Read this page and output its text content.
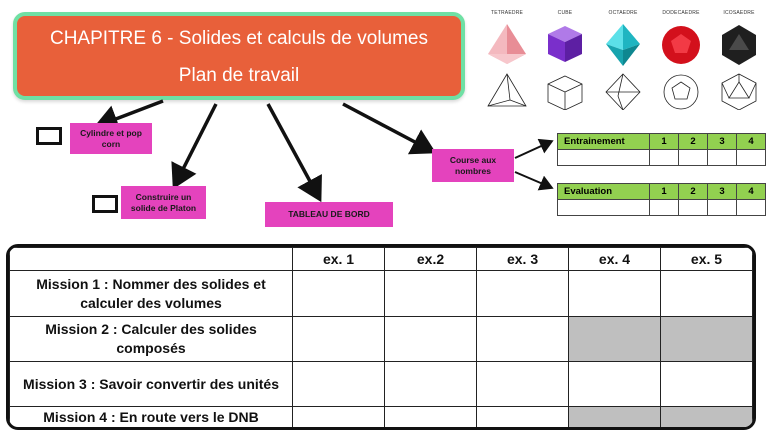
CHAPITRE 6 - Solides et calculs de volumes
Plan de travail
TETRAEDRE	CUBE	OCTAEDRE	DODECAEDRE	ICOSAEDRE
Cylindre et pop corn
Construire un solide de Platon
TABLEAU DE BORD
Course aux nombres
Entrainement	1	2	3	4

Evaluation	1	2	3	4

	ex. 1	ex.2	ex. 3	ex. 4	ex. 5
Mission 1 : Nommer des solides et calculer des volumes					
Mission 2 : Calculer des solides composés					
Mission 3 : Savoir convertir des unités					
Mission 4 : En route vers le DNB					
